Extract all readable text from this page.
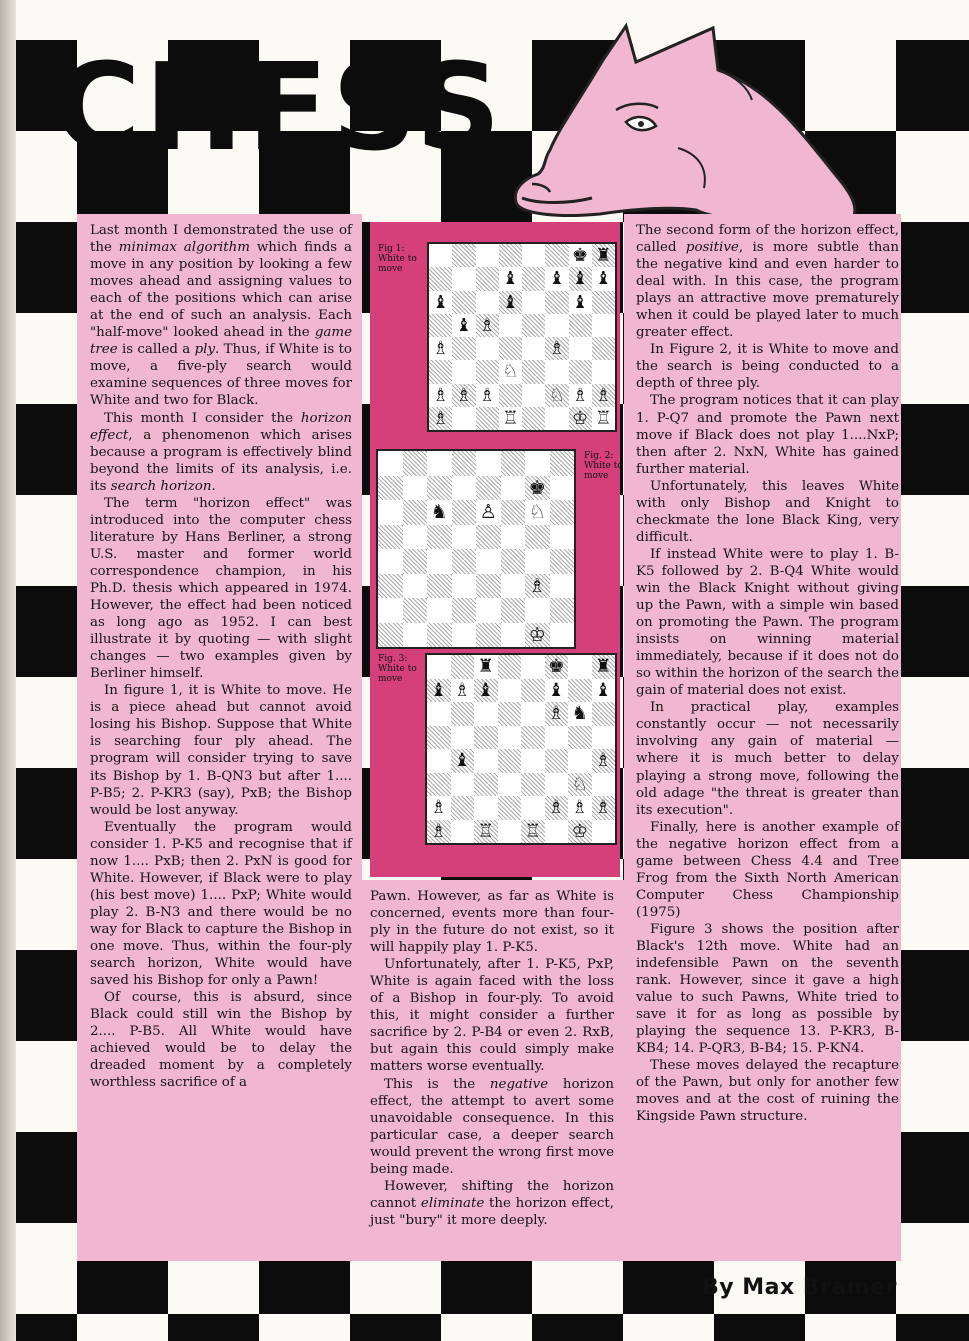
CHESS

Last month I demonstrated the use of the minimax algorithm which finds a move in any position by looking a few moves ahead and assigning values to each of the positions which can arise at the end of such an analysis. Each "half-move" looked ahead in the game tree is called a ply. Thus, if White is to move, a five-ply search would examine sequences of three moves for White and two for Black.

This month I consider the horizon effect, a phenomenon which arises because a program is effectively blind beyond the limits of its analysis, i.e. its search horizon.

The term "horizon effect" was introduced into the computer chess literature by Hans Berliner, a strong U.S. master and former world correspondence champion, in his Ph.D. thesis which appeared in 1974. However, the effect had been noticed as long ago as 1952. I can best illustrate it by quoting — with slight changes — two examples given by Berliner himself.

In figure 1, it is White to move. He is a piece ahead but cannot avoid losing his Bishop. Suppose that White is searching four ply ahead. The program will consider trying to save its Bishop by 1. B-QN3 but after 1.... P-B5; 2. P-KR3 (say), PxB; the Bishop would be lost anyway.

Eventually the program would consider 1. P-K5 and recognise that if now 1.... PxB; then 2. PxN is good for White. However, if Black were to play (his best move) 1.... PxP; White would play 2. B-N3 and there would be no way for Black to capture the Bishop in one move. Thus, within the four-ply search horizon, White would have saved his Bishop for only a Pawn!

Of course, this is absurd, since Black could still win the Bishop by 2.... P-B5. All White would have achieved would be to delay the dreaded moment by a completely worthless sacrifice of a

Pawn. However, as far as White is concerned, events more than four-ply in the future do not exist, so it will happily play 1. P-K5.

Unfortunately, after 1. P-K5, PxP, White is again faced with the loss of a Bishop in four-ply. To avoid this, it might consider a further sacrifice by 2. P-B4 or even 2. RxB, but again this could simply make matters worse eventually.

This is the negative horizon effect, the attempt to avert some unavoidable consequence. In this particular case, a deeper search would prevent the wrong first move being made.

However, shifting the horizon cannot eliminate the horizon effect, just "bury" it more deeply.

The second form of the horizon effect, called positive, is more subtle than the negative kind and even harder to deal with. In this case, the program plays an attractive move prematurely when it could be played later to much greater effect.

In Figure 2, it is White to move and the search is being conducted to a depth of three ply.

The program notices that it can play 1. P-Q7 and promote the Pawn next move if Black does not play 1....NxP; then after 2. NxN, White has gained further material.

Unfortunately, this leaves White with only Bishop and Knight to checkmate the lone Black King, very difficult.

If instead White were to play 1. B-K5 followed by 2. B-Q4 White would win the Black Knight without giving up the Pawn, with a simple win based on promoting the Pawn. The program insists on winning material immediately, because if it does not do so within the horizon of the search the gain of material does not exist.

In practical play, examples constantly occur — not necessarily involving any gain of material — where it is much better to delay playing a strong move, following the old adage "the threat is greater than its execution".

Finally, here is another example of the negative horizon effect from a game between Chess 4.4 and Tree Frog from the Sixth North American Computer Chess Championship (1975)

Figure 3 shows the position after Black's 12th move. White had an indefensible Pawn on the seventh rank. However, since it gave a high value to such Pawns, White tried to save it for as long as possible by playing the sequence 13. P-KR3, B-KB4; 14. P-QR3, B-B4; 15. P-KN4.

These moves delayed the recapture of the Pawn, but only for another few moves and at the cost of ruining the Kingside Pawn structure.

Fig 1: White to move
♚ ♜
♝ ♝ ♝ ♝
♝	♝	♝
♝ ♗
♗	♗
♘
♗ ♗ ♗	♘ ♗ ♗
♗	♖	♔ ♖
Fig. 2: White to move
♚
♞ ♙ ♘
♗
♔
Fig. 3: White to move
♜	♚ ♜
♝ ♗ ♝	♝ ♝
♗ ♞
♝	♗
♘
♗	♗ ♗ ♗
♗ ♖ ♖ ♔
By Max Bramer
